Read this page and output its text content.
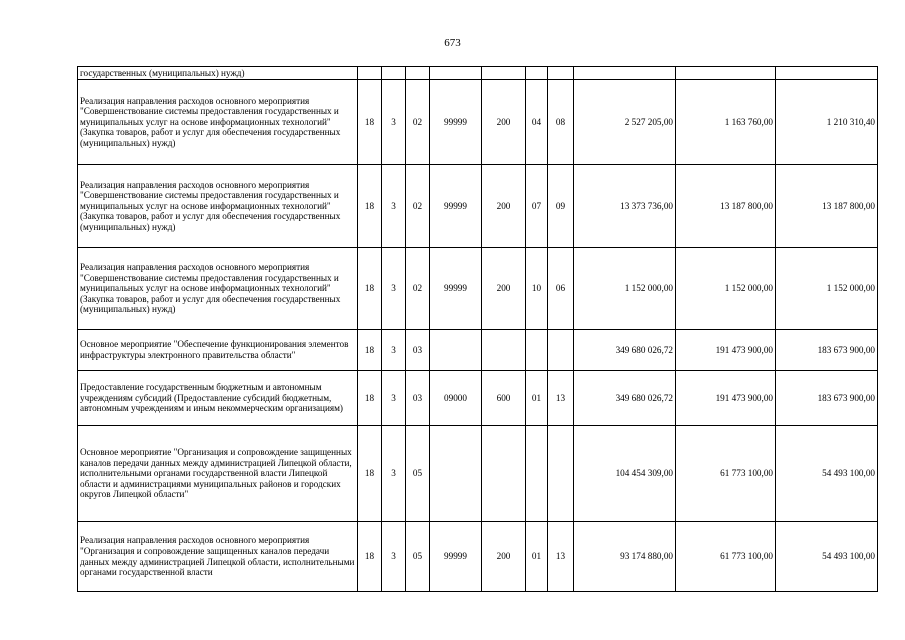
673
государственных (муниципальных) нужд)										
Реализация направления расходов основного мероприятия "Совершенствование системы предоставления государственных и муниципальных услуг на основе информационных технологий" (Закупка товаров, работ и услуг для обеспечения государственных (муниципальных) нужд)	18	3	02	99999	200	04	08	2 527 205,00	1 163 760,00	1 210 310,40
Реализация направления расходов основного мероприятия "Совершенствование системы предоставления государственных и муниципальных услуг на основе информационных технологий" (Закупка товаров, работ и услуг для обеспечения государственных (муниципальных) нужд)	18	3	02	99999	200	07	09	13 373 736,00	13 187 800,00	13 187 800,00
Реализация направления расходов основного мероприятия "Совершенствование системы предоставления государственных и муниципальных услуг на основе информационных технологий" (Закупка товаров, работ и услуг для обеспечения государственных (муниципальных) нужд)	18	3	02	99999	200	10	06	1 152 000,00	1 152 000,00	1 152 000,00
Основное мероприятие "Обеспечение функционирования элементов инфраструктуры электронного правительства области"	18	3	03					349 680 026,72	191 473 900,00	183 673 900,00
Предоставление государственным бюджетным и автономным учреждениям субсидий (Предоставление субсидий бюджетным, автономным учреждениям и иным некоммерческим организациям)	18	3	03	09000	600	01	13	349 680 026,72	191 473 900,00	183 673 900,00
Основное мероприятие "Организация и сопровождение защищенных каналов передачи данных между администрацией Липецкой области, исполнительными органами государственной власти Липецкой области и администрациями муниципальных районов и городских округов Липецкой области"	18	3	05					104 454 309,00	61 773 100,00	54 493 100,00
Реализация направления расходов основного мероприятия "Организация и сопровождение защищенных каналов передачи данных между администрацией Липецкой области, исполнительными органами государственной власти	18	3	05	99999	200	01	13	93 174 880,00	61 773 100,00	54 493 100,00
